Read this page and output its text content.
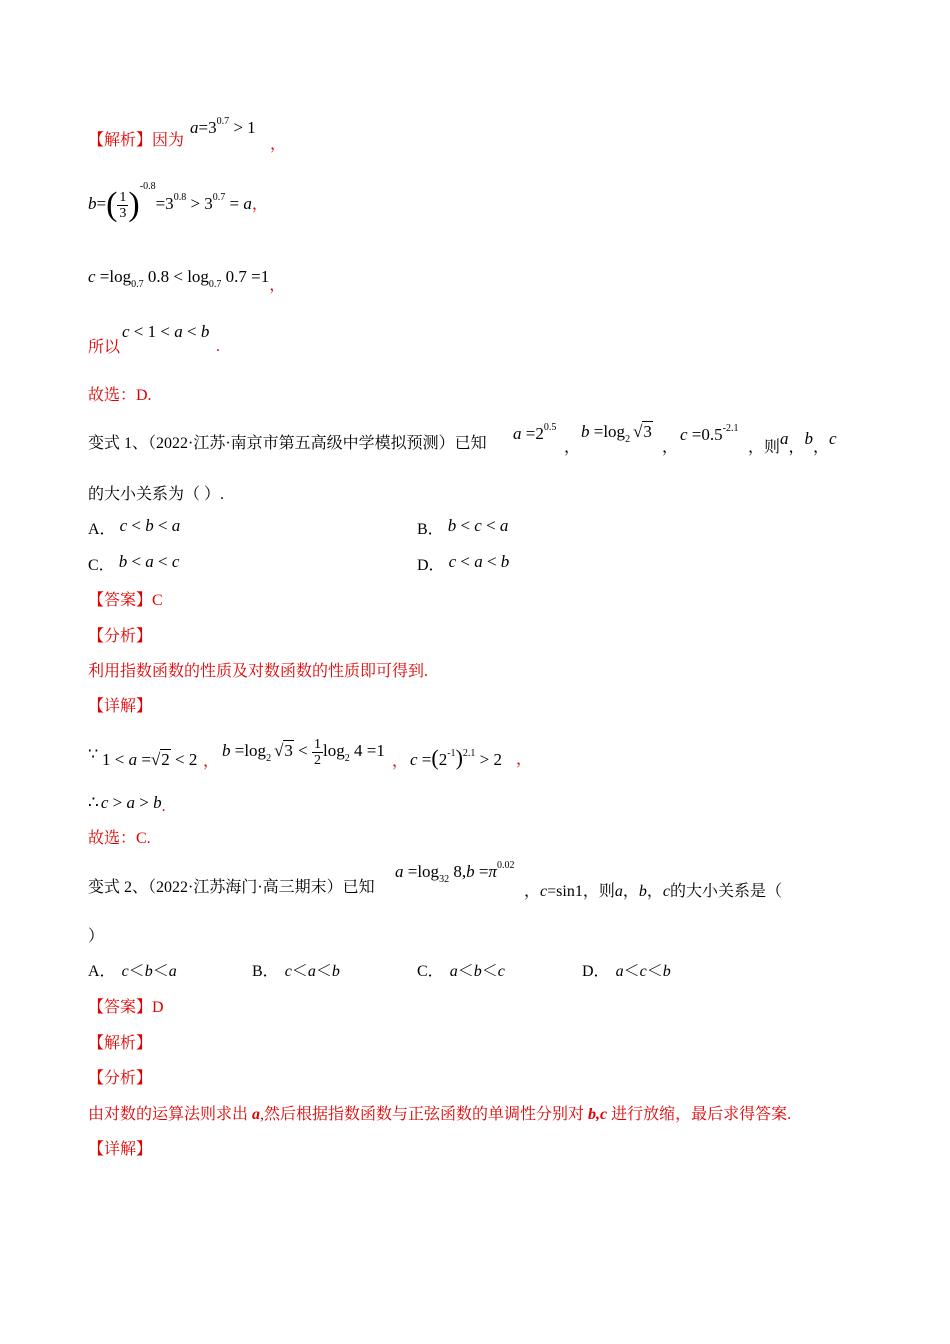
【解析】因为
$a=3^{0.7} > 1$
，
$b=( \frac{1}{3} )^{-0.8}=3^{0.8} > 3^{0.7} = a$，
$c =\log_{0.7}$ $0.8 < \log_{0.7} 0.7 =1$，
所以
c < 1 < a < b
.
故选：D.
变式 1、（2022·江苏·南京市第五高级中学模拟预测）已知
$a =2^{0.5}$
，
$b =\log_2$ √3
，
$c =0.5^{-2.1}$
，则a，b，c
的大小关系为（ ）.
A． c < b < a	B． b < c < a
C． b < a < c	D． c < a < b
【答案】C
【分析】
利用指数函数的性质及对数函数的性质即可得到.
【详解】
∵ 1 < a =√2 < 2 ，
$b =\log_2$ $√3 < \frac{1}{2} \log_2 4 =1$
， $c =(2^{-1})^{2.1} > 2$ ，
∴ c > a > b.
故选：C.
变式 2、（2022·江苏海门·高三期末）已知
$a =\log_{32}$ $8,b =\pi^{0.02}$
，c=sin1，则a，b，c的大小关系是（
）
A． c＜b＜a	B． c＜a＜b	C． a＜b＜c	D． a＜c＜b
【答案】D
【解析】
【分析】
由对数的运算法则求出 a,然后根据指数函数与正弦函数的单调性分别对 b,c 进行放缩，最后求得答案.
【详解】
